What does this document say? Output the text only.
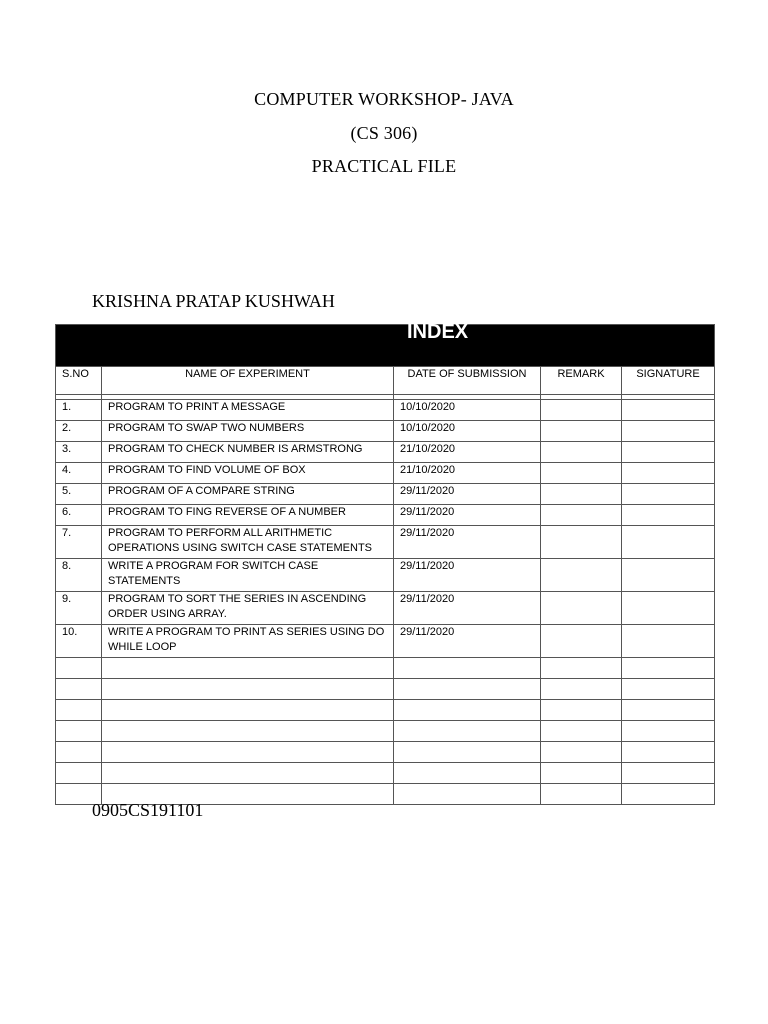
COMPUTER WORKSHOP- JAVA
(CS 306)
PRACTICAL FILE
KRISHNA PRATAP KUSHWAH
INDEX				

S.NO	NAME OF EXPERIMENT	DATE OF SUBMISSION	REMARK	SIGNATURE

1.	PROGRAM TO PRINT A MESSAGE	10/10/2020		
2.	PROGRAM TO SWAP TWO NUMBERS	10/10/2020		
3.	PROGRAM TO CHECK NUMBER IS ARMSTRONG	21/10/2020		
4.	PROGRAM TO FIND VOLUME OF BOX	21/10/2020		
5.	PROGRAM OF A COMPARE STRING	29/11/2020		
6.	PROGRAM TO FING REVERSE OF A NUMBER	29/11/2020		
7.	PROGRAM TO PERFORM ALL ARITHMETIC OPERATIONS USING SWITCH CASE STATEMENTS	29/11/2020		
8.	WRITE A PROGRAM FOR SWITCH CASE STATEMENTS	29/11/2020		
9.	PROGRAM TO SORT THE SERIES IN ASCENDING ORDER USING ARRAY.	29/11/2020		
10.	WRITE A PROGRAM TO PRINT AS SERIES USING DO WHILE LOOP	29/11/2020		

0905CS191101
